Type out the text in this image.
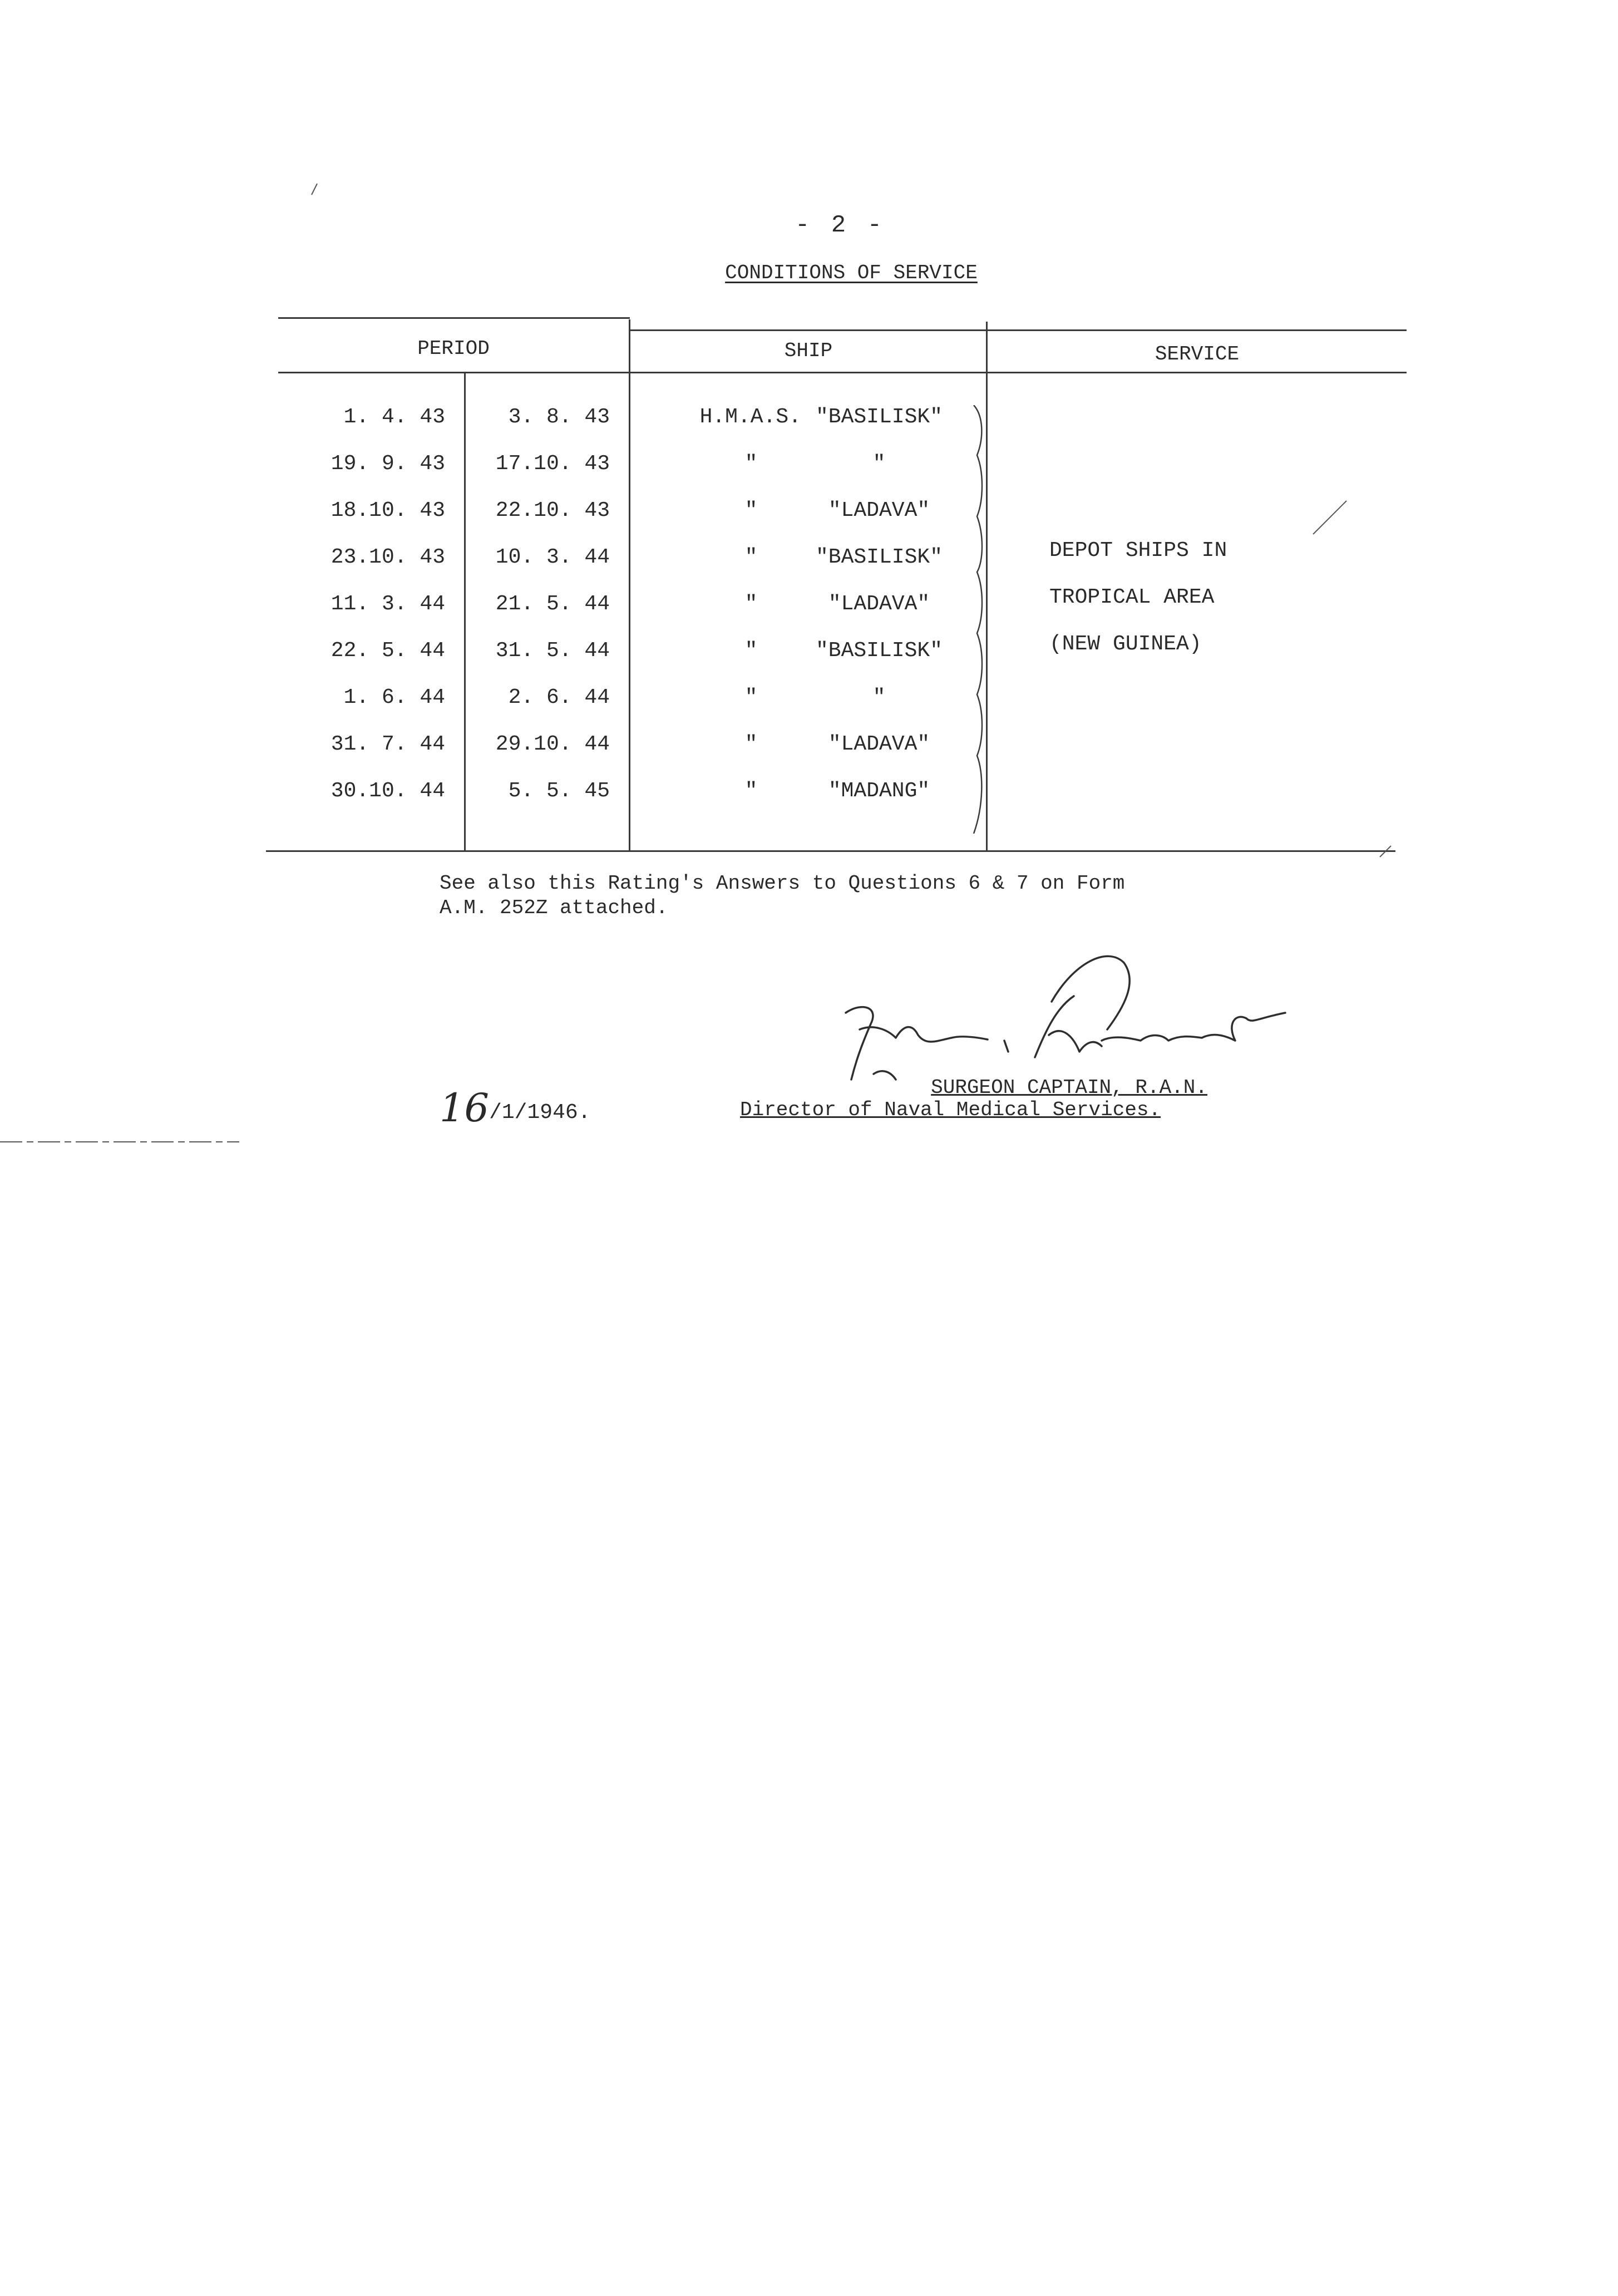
- 2 -
CONDITIONS OF SERVICE
PERIOD	SHIP	SERVICE
1. 4. 43	3. 8. 43	H.M.A.S. "BASILISK"
19. 9. 43	17.10. 43	"	"
18.10. 43	22.10. 43	"	"LADAVA"
23.10. 43	10. 3. 44	"	"BASILISK"
11. 3. 44	21. 5. 44	"	"LADAVA"
22. 5. 44	31. 5. 44	"	"BASILISK"
1. 6. 44	2. 6. 44	"	"
31. 7. 44	29.10. 44	"	"LADAVA"
30.10. 44	5. 5. 45	"	"MADANG"
DEPOT SHIPS IN
TROPICAL AREA
(NEW GUINEA)
See also this Rating's Answers to Questions 6 & 7 on Form
A.M. 252Z attached.
16/1/1946.
SURGEON CAPTAIN, R.A.N.
Director of Naval Medical Services.
